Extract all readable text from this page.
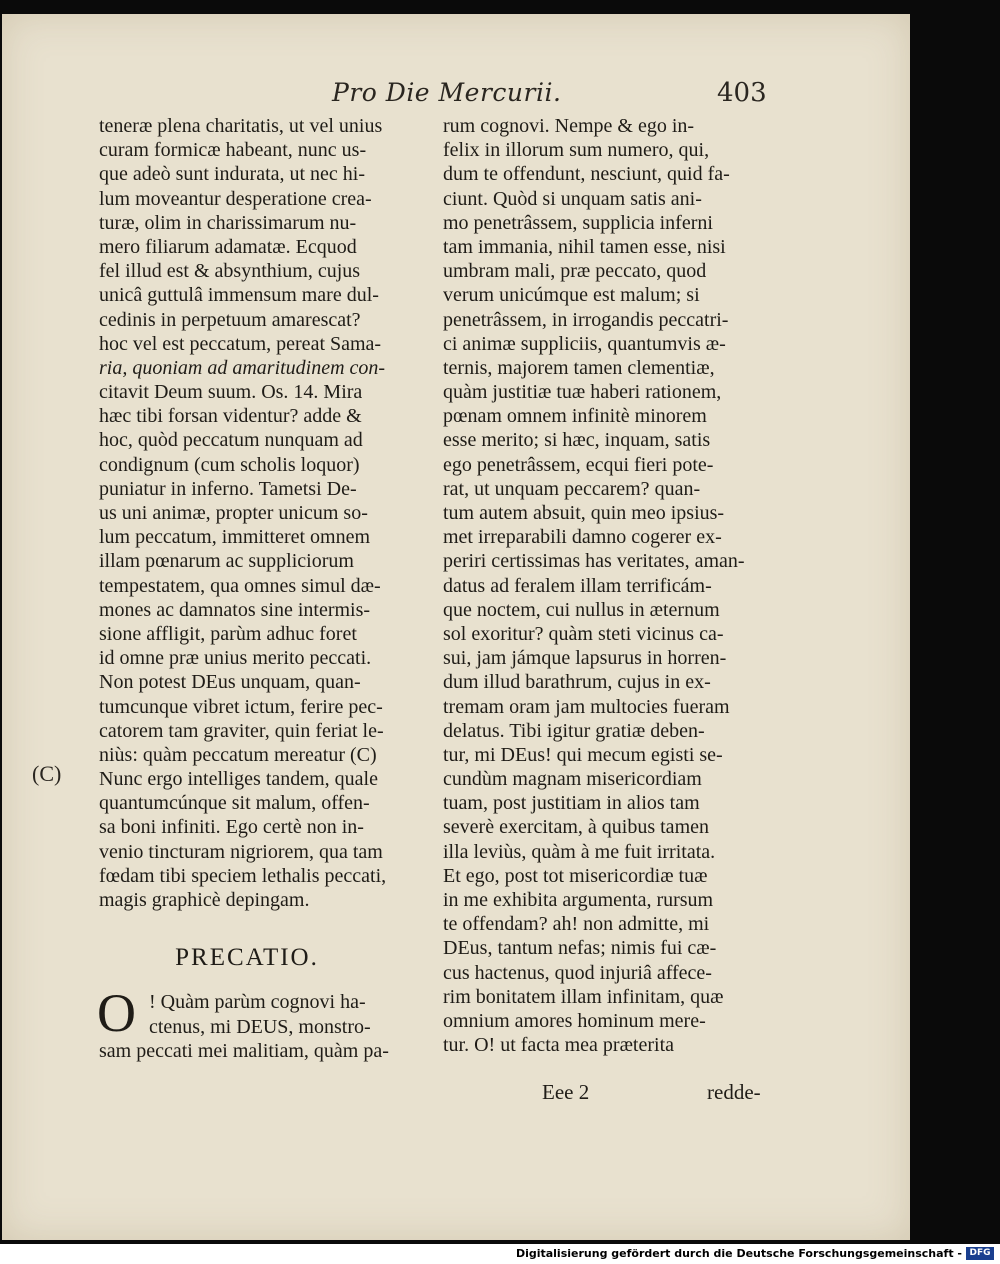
Pro Die Mercurii.	403
teneræ plena charitatis, ut vel unius
curam formicæ habeant, nunc us-
que adeò sunt indurata, ut nec hi-
lum moveantur desperatione crea-
turæ, olim in charissimarum nu-
mero filiarum adamatæ. Ecquod
fel illud est & absynthium, cujus
unicâ guttulâ immensum mare dul-
cedinis in perpetuum amarescat?
hoc vel est peccatum, pereat Sama-
ria, quoniam ad amaritudinem con-
citavit Deum suum. Os. 14. Mira
hæc tibi forsan videntur? adde &
hoc, quòd peccatum nunquam ad
condignum (cum scholis loquor)
puniatur in inferno. Tametsi De-
us uni animæ, propter unicum so-
lum peccatum, immitteret omnem
illam pœnarum ac suppliciorum
tempestatem, qua omnes simul dæ-
mones ac damnatos sine intermis-
sione affligit, parùm adhuc foret
id omne præ unius merito peccati.
Non potest DEus unquam, quan-
tumcunque vibret ictum, ferire pec-
catorem tam graviter, quin feriat le-
niùs: quàm peccatum mereatur (C)
Nunc ergo intelliges tandem, quale
quantumcúnque sit malum, offen-
sa boni infiniti. Ego certè non in-
venio tincturam nigriorem, qua tam
fœdam tibi speciem lethalis peccati,
magis graphicè depingam.
PRECATIO.
O ! Quàm parùm cognovi ha-
ctenus, mi DEUS, monstro-
sam peccati mei malitiam, quàm pa-
rum cognovi. Nempe & ego in-
felix in illorum sum numero, qui,
dum te offendunt, nesciunt, quid fa-
ciunt. Quòd si unquam satis ani-
mo penetrâssem, supplicia inferni
tam immania, nihil tamen esse, nisi
umbram mali, præ peccato, quod
verum unicúmque est malum; si
penetrâssem, in irrogandis peccatri-
ci animæ suppliciis, quantumvis æ-
ternis, majorem tamen clementiæ,
quàm justitiæ tuæ haberi rationem,
pœnam omnem infinitè minorem
esse merito; si hæc, inquam, satis
ego penetrâssem, ecqui fieri pote-
rat, ut unquam peccarem? quan-
tum autem absuit, quin meo ipsius-
met irreparabili damno cogerer ex-
periri certissimas has veritates, aman-
datus ad feralem illam terrificám-
que noctem, cui nullus in æternum
sol exoritur? quàm steti vicinus ca-
sui, jam jámque lapsurus in horren-
dum illud barathrum, cujus in ex-
tremam oram jam multocies fueram
delatus. Tibi igitur gratiæ deben-
tur, mi DEus! qui mecum egisti se-
cundùm magnam misericordiam
tuam, post justitiam in alios tam
severè exercitam, à quibus tamen
illa leviùs, quàm à me fuit irritata.
Et ego, post tot misericordiæ tuæ
in me exhibita argumenta, rursum
te offendam? ah! non admitte, mi
DEus, tantum nefas; nimis fui cæ-
cus hactenus, quod injuriâ affece-
rim bonitatem illam infinitam, quæ
omnium amores hominum mere-
tur. O! ut facta mea præterita
(C)
Eee 2	redde-
Digitalisierung gefördert durch die Deutsche Forschungsgemeinschaft - DFG
